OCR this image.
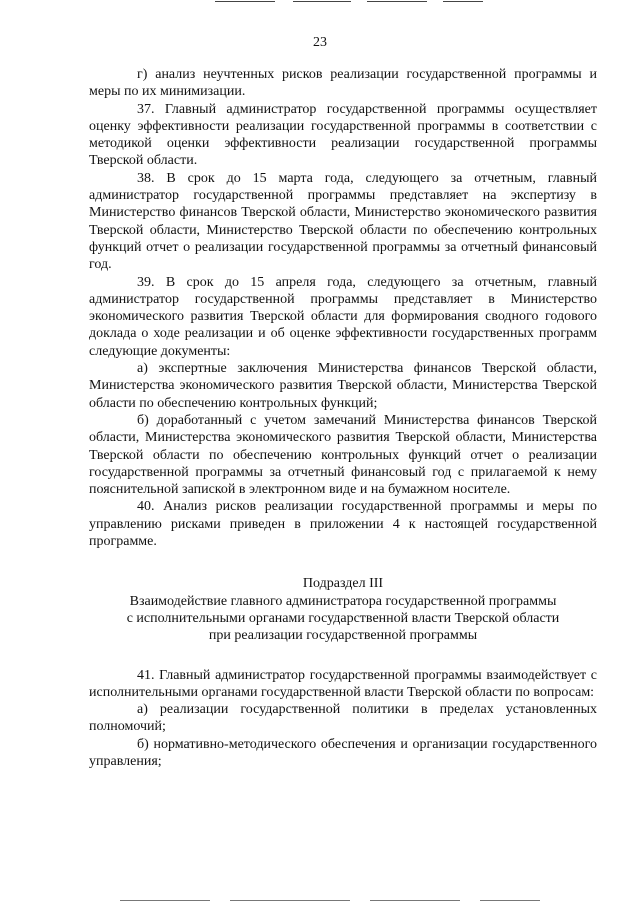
23

г) анализ неучтенных рисков реализации государственной программы и меры по их минимизации.

37. Главный администратор государственной программы осуществляет оценку эффективности реализации государственной программы в соответствии с методикой оценки эффективности реализации государственной программы Тверской области.

38. В срок до 15 марта года, следующего за отчетным, главный администратор государственной программы представляет на экспертизу в Министерство финансов Тверской области, Министерство экономического развития Тверской области, Министерство Тверской области по обеспечению контрольных функций отчет о реализации государственной программы за отчетный финансовый год.

39. В срок до 15 апреля года, следующего за отчетным, главный администратор государственной программы представляет в Министерство экономического развития Тверской области для формирования сводного годового доклада о ходе реализации и об оценке эффективности государственных программ следующие документы:

а) экспертные заключения Министерства финансов Тверской области, Министерства экономического развития Тверской области, Министерства Тверской области по обеспечению контрольных функций;

б) доработанный с учетом замечаний Министерства финансов Тверской области, Министерства экономического развития Тверской области, Министерства Тверской области по обеспечению контрольных функций отчет о реализации государственной программы за отчетный финансовый год с прилагаемой к нему пояснительной запиской в электронном виде и на бумажном носителе.

40. Анализ рисков реализации государственной программы и меры по управлению рисками приведен в приложении 4 к настоящей государственной программе.

Подраздел III

Взаимодействие главного администратора государственной программы

с исполнительными органами государственной власти Тверской области

при реализации государственной программы

41. Главный администратор государственной программы взаимодействует с исполнительными органами государственной власти Тверской области по вопросам:

а) реализации государственной политики в пределах установленных полномочий;

б) нормативно-методического обеспечения и организации государственного управления;
